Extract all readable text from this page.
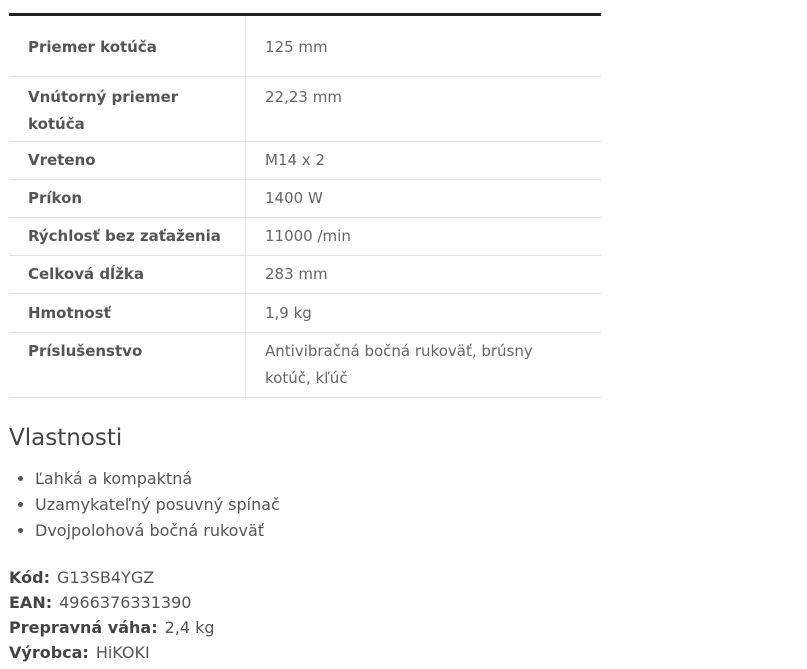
Priemer kotúča	125 mm
Vnútorný priemer kotúča	22,23 mm
Vreteno	M14 x 2
Príkon	1400 W
Rýchlosť bez zaťaženia	11000 /min
Celková dĺžka	283 mm
Hmotnosť	1,9 kg
Príslušenstvo	Antivibračná bočná rukoväť, brúsny kotúč, kľúč
Vlastnosti
• Ľahká a kompaktná
• Uzamykateľný posuvný spínač
• Dvojpolohová bočná rukoväť
Kód: G13SB4YGZ
EAN: 4966376331390
Prepravná váha: 2,4 kg
Výrobca: HiKOKI
